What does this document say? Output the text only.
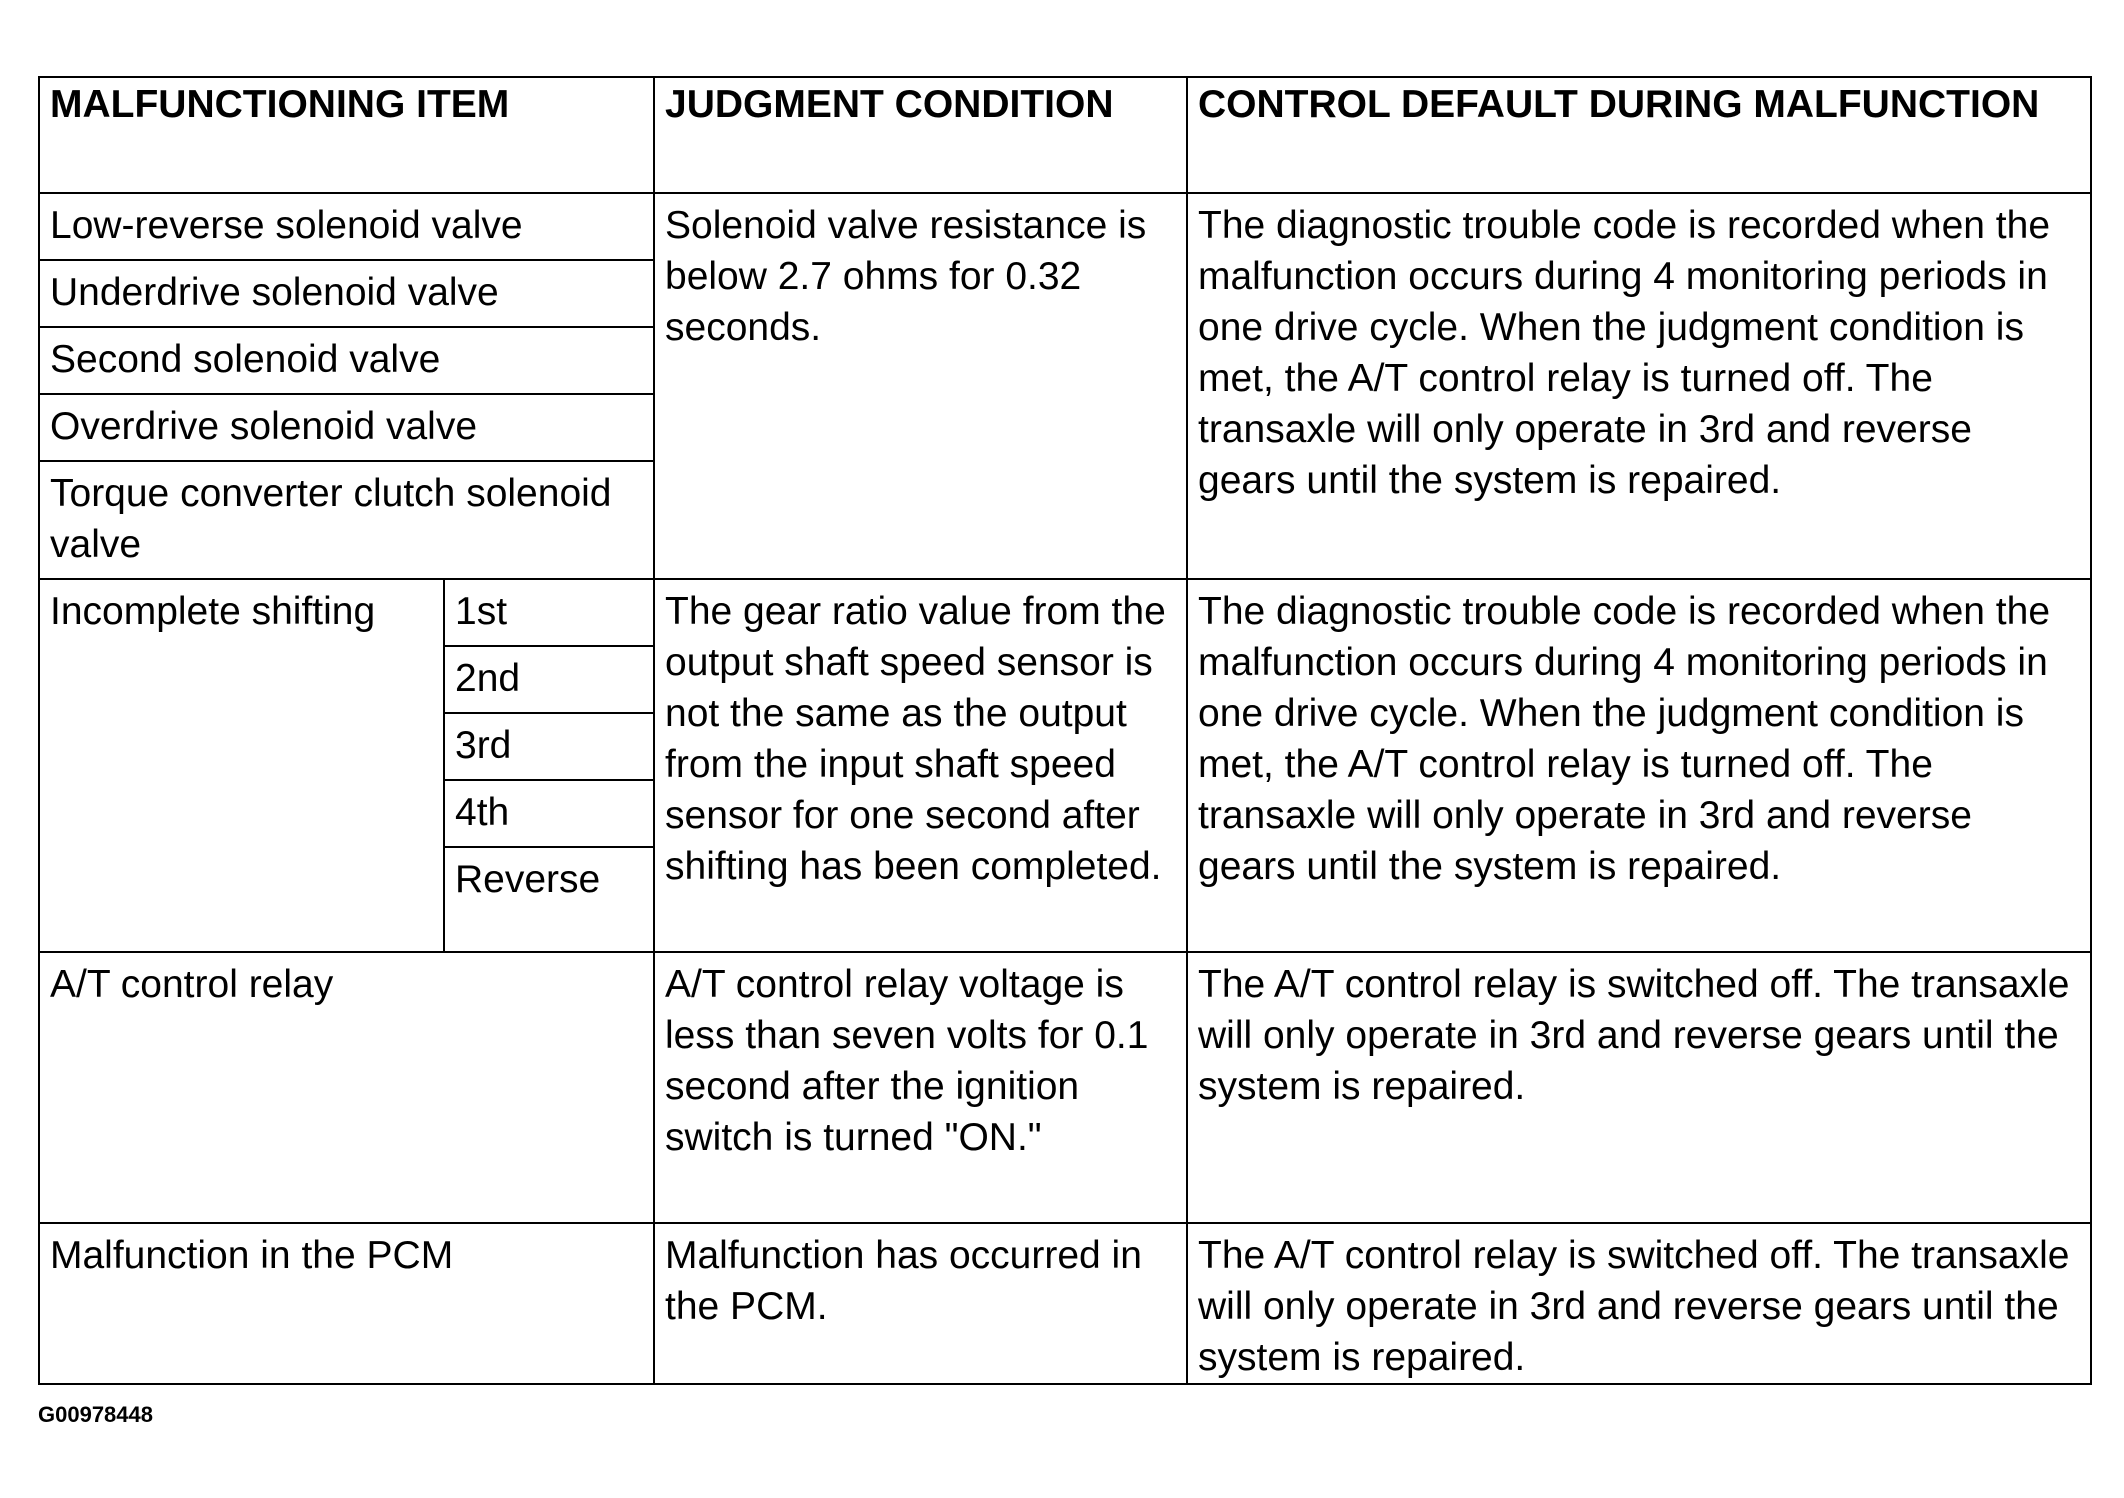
MALFUNCTIONING ITEM		JUDGMENT CONDITION	CONTROL DEFAULT DURING MALFUNCTION
Low-reverse solenoid valve		Solenoid valve resistance is below 2.7 ohms for 0.32 seconds.	The diagnostic trouble code is recorded when the malfunction occurs during 4 monitoring periods in one drive cycle. When the judgment condition is met, the A/T control relay is turned off. The transaxle will only operate in 3rd and reverse gears until the system is repaired.
Underdrive solenoid valve			
Second solenoid valve			
Overdrive solenoid valve			
Torque converter clutch solenoid valve			
Incomplete shifting	1st	The gear ratio value from the output shaft speed sensor is not the same as the output from the input shaft speed sensor for one second after shifting has been completed.	The diagnostic trouble code is recorded when the malfunction occurs during 4 monitoring periods in one drive cycle. When the judgment condition is met, the A/T control relay is turned off. The transaxle will only operate in 3rd and reverse gears until the system is repaired.
	2nd		
	3rd		
	4th		
	Reverse		
A/T control relay		A/T control relay voltage is less than seven volts for 0.1 second after the ignition switch is turned "ON."	The A/T control relay is switched off. The transaxle will only operate in 3rd and reverse gears until the system is repaired.
Malfunction in the PCM		Malfunction has occurred in the PCM.	The A/T control relay is switched off. The transaxle will only operate in 3rd and reverse gears until the system is repaired.
G00978448
